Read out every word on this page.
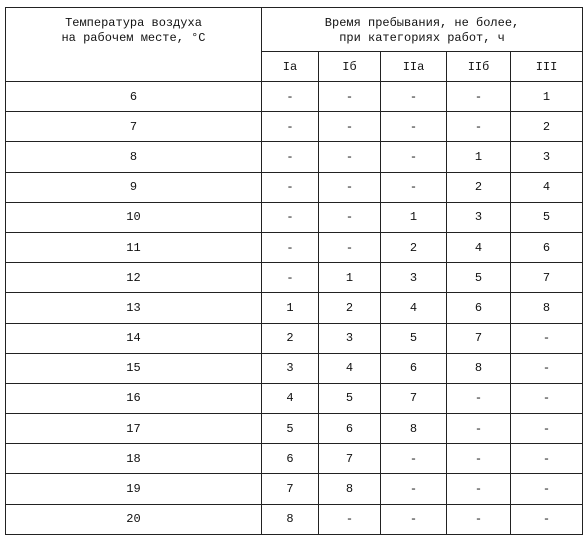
Температура воздуха
на рабочем месте, °С	Время пребывания, не более,
при категориях работ, ч				
	Iа	Iб	IIа	IIб	III
6	-	-	-	-	1
7	-	-	-	-	2
8	-	-	-	1	3
9	-	-	-	2	4
10	-	-	1	3	5
11	-	-	2	4	6
12	-	1	3	5	7
13	1	2	4	6	8
14	2	3	5	7	-
15	3	4	6	8	-
16	4	5	7	-	-
17	5	6	8	-	-
18	6	7	-	-	-
19	7	8	-	-	-
20	8	-	-	-	-
